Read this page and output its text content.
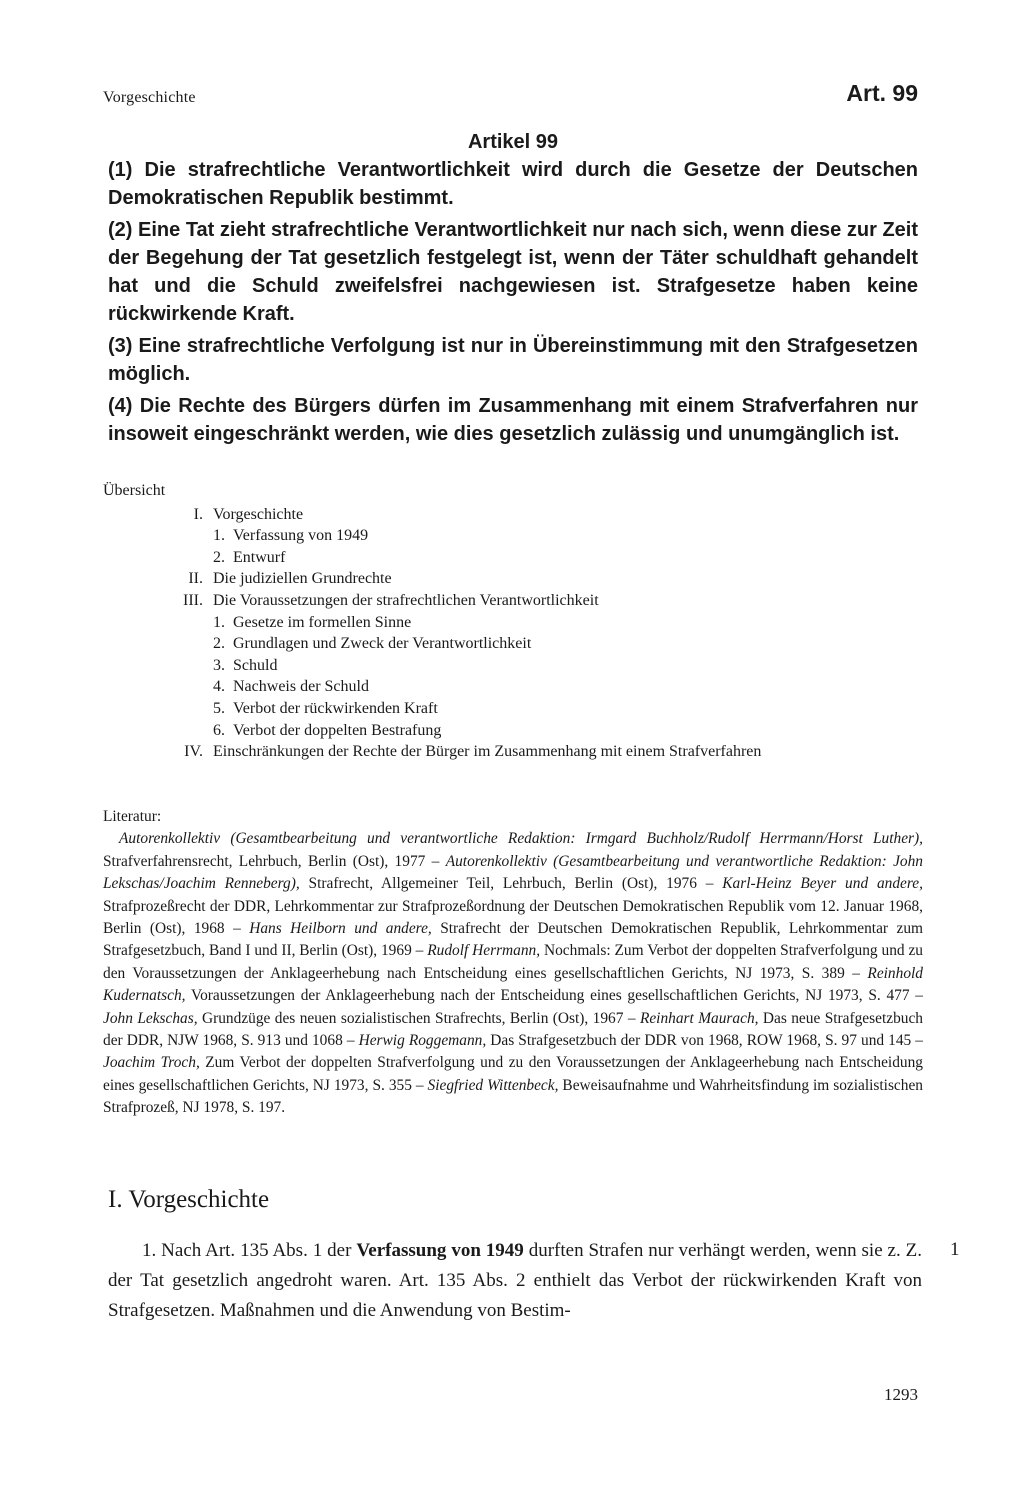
Vorgeschichte	Art. 99
Artikel 99

(1) Die strafrechtliche Verantwortlichkeit wird durch die Gesetze der Deutschen Demokratischen Republik bestimmt.

(2) Eine Tat zieht strafrechtliche Verantwortlichkeit nur nach sich, wenn diese zur Zeit der Begehung der Tat gesetzlich festgelegt ist, wenn der Täter schuldhaft gehandelt hat und die Schuld zweifelsfrei nachgewiesen ist. Strafgesetze haben keine rückwirkende Kraft.

(3) Eine strafrechtliche Verfolgung ist nur in Übereinstimmung mit den Strafgesetzen möglich.

(4) Die Rechte des Bürgers dürfen im Zusammenhang mit einem Strafverfahren nur insoweit eingeschränkt werden, wie dies gesetzlich zulässig und unumgänglich ist.

Übersicht
I. Vorgeschichte
1. Verfassung von 1949
2. Entwurf
II. Die judiziellen Grundrechte
III. Die Voraussetzungen der strafrechtlichen Verantwortlichkeit
1. Gesetze im formellen Sinne
2. Grundlagen und Zweck der Verantwortlichkeit
3. Schuld
4. Nachweis der Schuld
5. Verbot der rückwirkenden Kraft
6. Verbot der doppelten Bestrafung
IV. Einschränkungen der Rechte der Bürger im Zusammenhang mit einem Strafverfahren
Literatur:

Autorenkollektiv (Gesamtbearbeitung und verantwortliche Redaktion: Irmgard Buchholz/Rudolf Herrmann/Horst Luther), Strafverfahrensrecht, Lehrbuch, Berlin (Ost), 1977 – Autorenkollektiv (Gesamtbearbeitung und verantwortliche Redaktion: John Lekschas/Joachim Renneberg), Strafrecht, Allgemeiner Teil, Lehrbuch, Berlin (Ost), 1976 – Karl-Heinz Beyer und andere, Strafprozeßrecht der DDR, Lehrkommentar zur Strafprozeßordnung der Deutschen Demokratischen Republik vom 12. Januar 1968, Berlin (Ost), 1968 – Hans Heilborn und andere, Strafrecht der Deutschen Demokratischen Republik, Lehrkommentar zum Strafgesetzbuch, Band I und II, Berlin (Ost), 1969 – Rudolf Herrmann, Nochmals: Zum Verbot der doppelten Strafverfolgung und zu den Voraussetzungen der Anklageerhebung nach Entscheidung eines gesellschaftlichen Gerichts, NJ 1973, S. 389 – Reinhold Kudernatsch, Voraussetzungen der Anklageerhebung nach der Entscheidung eines gesellschaftlichen Gerichts, NJ 1973, S. 477 – John Lekschas, Grundzüge des neuen sozialistischen Strafrechts, Berlin (Ost), 1967 – Reinhart Maurach, Das neue Strafgesetzbuch der DDR, NJW 1968, S. 913 und 1068 – Herwig Roggemann, Das Strafgesetzbuch der DDR von 1968, ROW 1968, S. 97 und 145 – Joachim Troch, Zum Verbot der doppelten Strafverfolgung und zu den Voraussetzungen der Anklageerhebung nach Entscheidung eines gesellschaftlichen Gerichts, NJ 1973, S. 355 – Siegfried Wittenbeck, Beweisaufnahme und Wahrheitsfindung im sozialistischen Strafprozeß, NJ 1978, S. 197.

I. Vorgeschichte

1. Nach Art. 135 Abs. 1 der Verfassung von 1949 durften Strafen nur verhängt werden, wenn sie z. Z. der Tat gesetzlich angedroht waren. Art. 135 Abs. 2 enthielt das Verbot der rückwirkenden Kraft von Strafgesetzen. Maßnahmen und die Anwendung von Bestim-

1
1293
